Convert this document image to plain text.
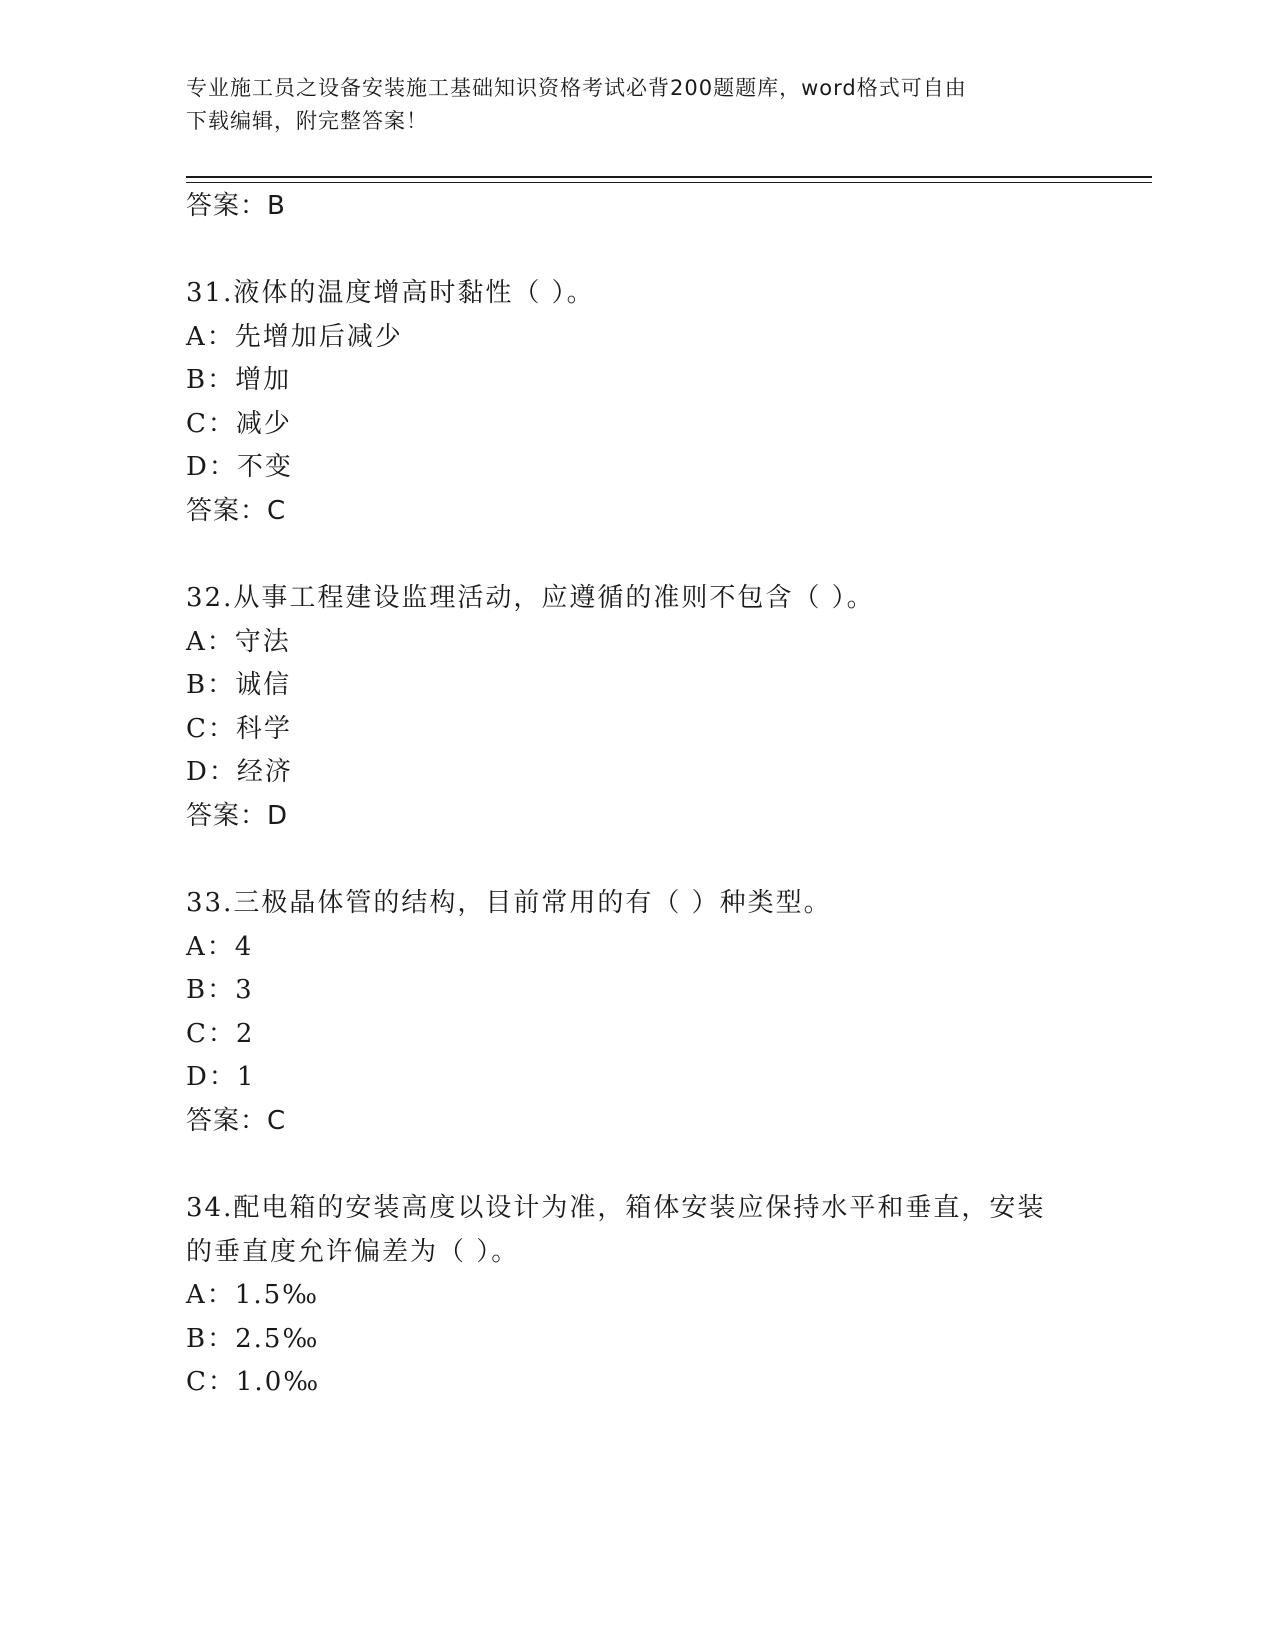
专业施工员之设备安装施工基础知识资格考试必背200题题库，word格式可自由
下载编辑，附完整答案！
答案：B
31.液体的温度增高时黏性（ ）。
A：先增加后减少
B：增加
C：减少
D：不变
答案：C
32.从事工程建设监理活动，应遵循的准则不包含（ ）。
A：守法
B：诚信
C：科学
D：经济
答案：D
33.三极晶体管的结构，目前常用的有（ ）种类型。
A：4
B：3
C：2
D：1
答案：C
34.配电箱的安装高度以设计为准，箱体安装应保持水平和垂直，安装
的垂直度允许偏差为（ ）。
A：1.5‰
B：2.5‰
C：1.0‰
